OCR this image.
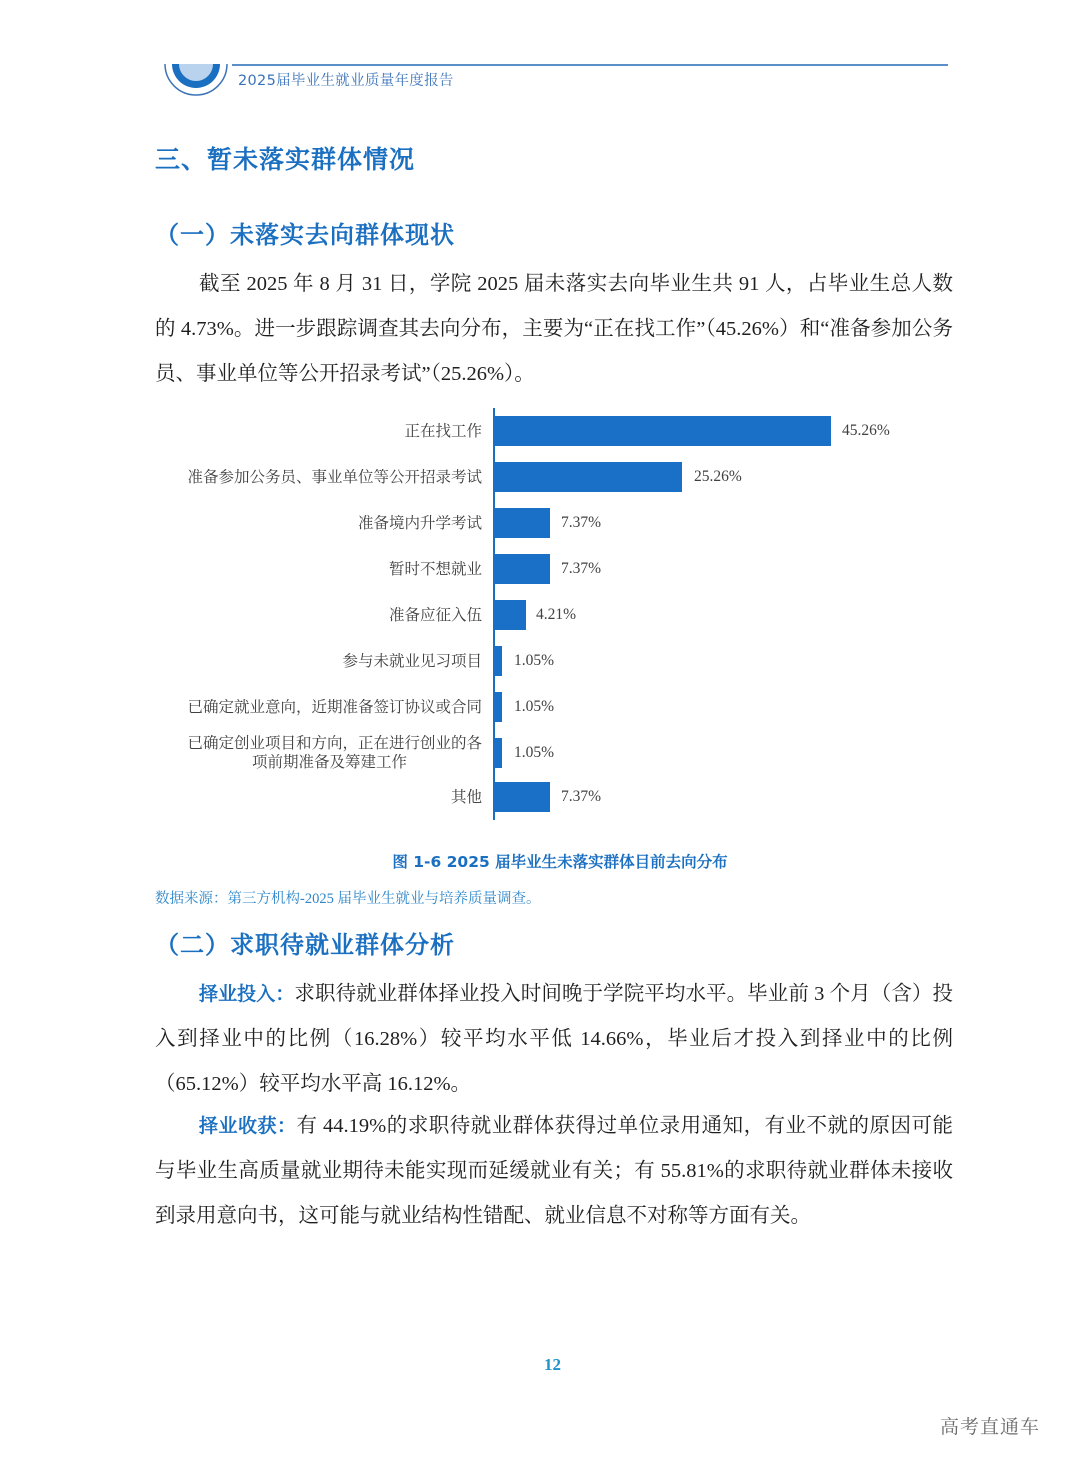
2025届毕业生就业质量年度报告
三、暂未落实群体情况
（一）未落实去向群体现状

截至 2025 年 8 月 31 日，学院 2025 届未落实去向毕业生共 91 人，占毕业生总人数的 4.73%。进一步跟踪调查其去向分布，主要为“正在找工作”（45.26%）和“准备参加公务员、事业单位等公开招录考试”（25.26%）。

正在找工作	45.26%
准备参加公务员、事业单位等公开招录考试	25.26%
准备境内升学考试	7.37%
暂时不想就业	7.37%
准备应征入伍	4.21%
参与未就业见习项目 1.05%
已确定就业意向，近期准备签订协议或合同 1.05%
已确定创业项目和方向，正在进行创业的各
项前期准备及筹建工作
1.05%
其他	7.37%
图 1-6 2025 届毕业生未落实群体目前去向分布
数据来源：第三方机构-2025 届毕业生就业与培养质量调查。
（二）求职待就业群体分析

择业投入：求职待就业群体择业投入时间晚于学院平均水平。毕业前 3 个月（含）投入到择业中的比例（16.28%）较平均水平低 14.66%，毕业后才投入到择业中的比例（65.12%）较平均水平高 16.12%。

择业收获：有 44.19%的求职待就业群体获得过单位录用通知，有业不就的原因可能与毕业生高质量就业期待未能实现而延缓就业有关；有 55.81%的求职待就业群体未接收到录用意向书，这可能与就业结构性错配、就业信息不对称等方面有关。

12
高考直通车
